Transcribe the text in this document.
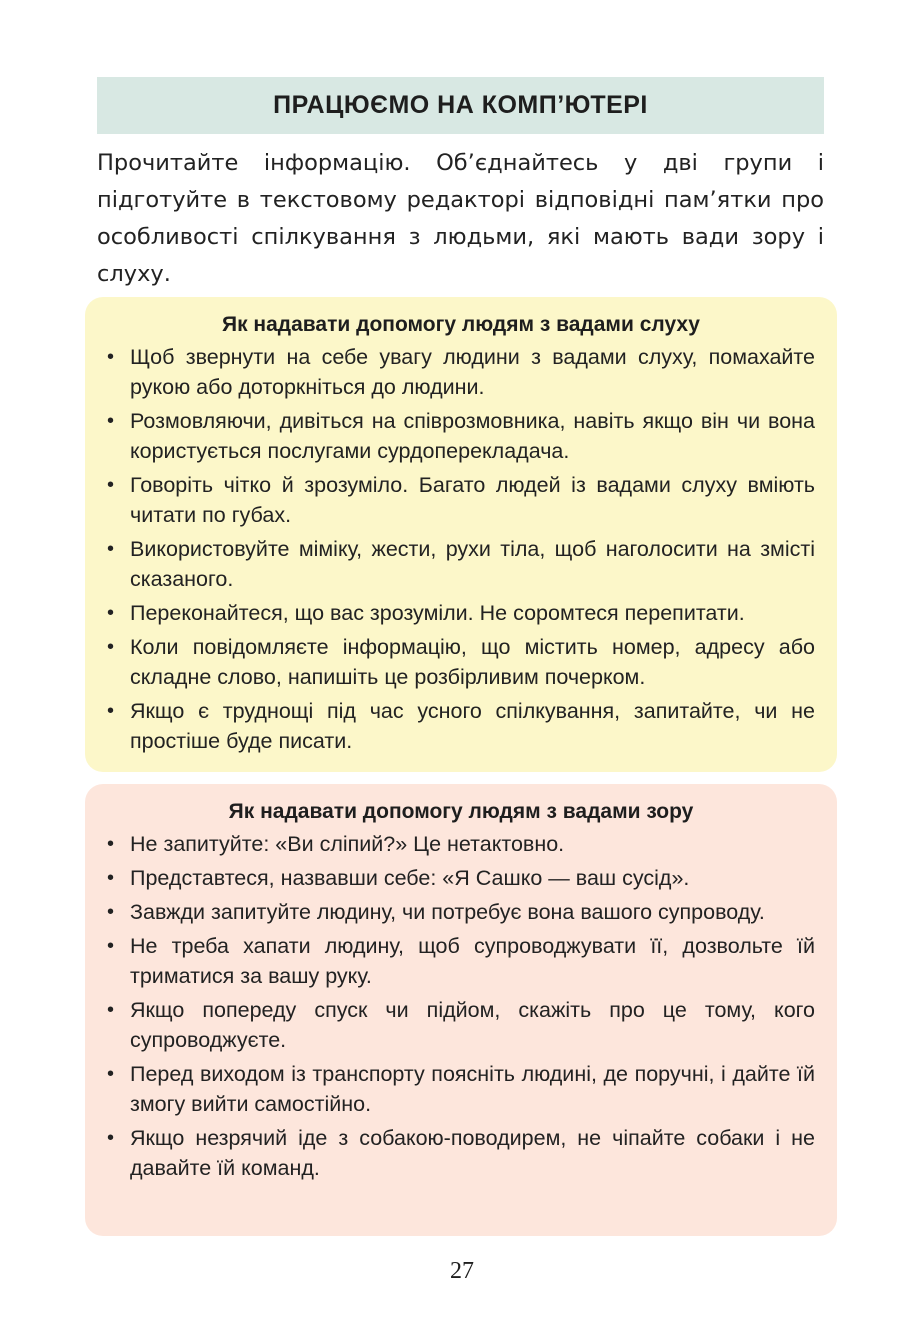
ПРАЦЮЄМО НА КОМП’ЮТЕРІ

Прочитайте інформацію. Об’єднайтесь у дві групи і підготуйте в текстовому редакторі відповідні пам’ятки про особливості спілкування з людьми, які мають вади зору і слуху.

Як надавати допомогу людям з вадами слуху
• Щоб звернути на себе увагу людини з вадами слуху, помахайте рукою або доторкніться до людини.
• Розмовляючи, дивіться на співрозмовника, навіть якщо він чи вона користується послугами сурдоперекладача.
• Говоріть чітко й зрозуміло. Багато людей із вадами слуху вміють читати по губах.
• Використовуйте міміку, жести, рухи тіла, щоб наголосити на змісті сказаного.
• Переконайтеся, що вас зрозуміли. Не соромтеся перепитати.
• Коли повідомляєте інформацію, що містить номер, адресу або складне слово, напишіть це розбірливим почерком.
• Якщо є труднощі під час усного спілкування, запитайте, чи не простіше буде писати.
Як надавати допомогу людям з вадами зору
• Не запитуйте: «Ви сліпий?» Це нетактовно.
• Представтеся, назвавши себе: «Я Сашко — ваш сусід».
• Завжди запитуйте людину, чи потребує вона вашого супроводу.
• Не треба хапати людину, щоб супроводжувати її, дозвольте їй триматися за вашу руку.
• Якщо попереду спуск чи підйом, скажіть про це тому, кого супроводжуєте.
• Перед виходом із транспорту поясніть людині, де поручні, і дайте їй змогу вийти самостійно.
• Якщо незрячий іде з собакою-поводирем, не чіпайте собаки і не давайте їй команд.
27
